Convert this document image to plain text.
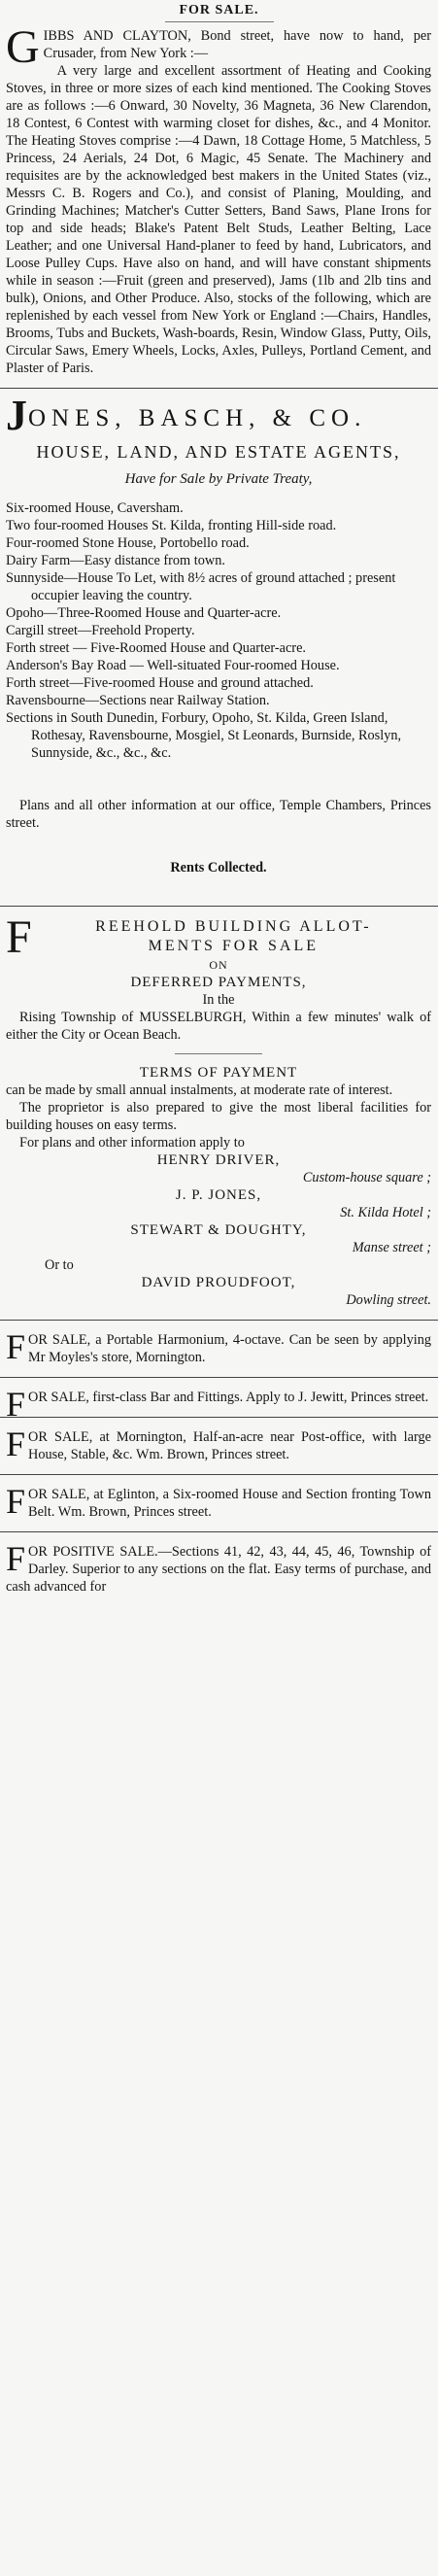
FOR SALE.
G IBBS AND CLAYTON, Bond street, have now to hand, per Crusader, from New York :—

A very large and excellent assortment of Heating and Cooking Stoves, in three or more sizes of each kind mentioned. The Cooking Stoves are as follows :—6 Onward, 30 Novelty, 36 Magneta, 36 New Clarendon, 18 Contest, 6 Contest with warming closet for dishes, &c., and 4 Monitor. The Heating Stoves comprise :—4 Dawn, 18 Cottage Home, 5 Matchless, 5 Princess, 24 Aerials, 24 Dot, 6 Magic, 45 Senate. The Machinery and requisites are by the acknowledged best makers in the United States (viz., Messrs C. B. Rogers and Co.), and consist of Planing, Moulding, and Grinding Machines; Matcher's Cutter Setters, Band Saws, Plane Irons for top and side heads; Blake's Patent Belt Studs, Leather Belting, Lace Leather; and one Universal Hand-planer to feed by hand, Lubricators, and Loose Pulley Cups. Have also on hand, and will have constant shipments while in season :—Fruit (green and preserved), Jams (1lb and 2lb tins and bulk), Onions, and Other Produce. Also, stocks of the following, which are replenished by each vessel from New York or England :—Chairs, Handles, Brooms, Tubs and Buckets, Wash-boards, Resin, Window Glass, Putty, Oils, Circular Saws, Emery Wheels, Locks, Axles, Pulleys, Portland Cement, and Plaster of Paris.

JONES, BASCH, & CO.
HOUSE, LAND, AND ESTATE AGENTS,
Have for Sale by Private Treaty,

Six-roomed House, Caversham.

Two four-roomed Houses St. Kilda, fronting Hill-side road.

Four-roomed Stone House, Portobello road.

Dairy Farm—Easy distance from town.

Sunnyside—House To Let, with 8½ acres of ground attached ; present occupier leaving the country.

Opoho—Three-Roomed House and Quarter-acre.

Cargill street—Freehold Property.

Forth street — Five-Roomed House and Quarter-acre.

Anderson's Bay Road — Well-situated Four-roomed House.

Forth street—Five-roomed House and ground attached.

Ravensbourne—Sections near Railway Station.

Sections in South Dunedin, Forbury, Opoho, St. Kilda, Green Island, Rothesay, Ravensbourne, Mosgiel, St Leonards, Burnside, Roslyn, Sunnyside, &c., &c., &c.

Plans and all other information at our office, Temple Chambers, Princes street.

Rents Collected.
F	REEHOLD BUILDING ALLOT-
MENTS FOR SALE
ON
DEFERRED PAYMENTS,
In the

Rising Township of MUSSELBURGH, Within a few minutes' walk of either the City or Ocean Beach.

TERMS OF PAYMENT

can be made by small annual instalments, at moderate rate of interest.

The proprietor is also prepared to give the most liberal facilities for building houses on easy terms.

For plans and other information apply to

HENRY DRIVER,
Custom-house square ;
J. P. JONES,
St. Kilda Hotel ;
STEWART & DOUGHTY,
Manse street ;
Or to
DAVID PROUDFOOT,
Dowling street.
F OR SALE, a Portable Harmonium, 4-octave. Can be seen by applying Mr Moyles's store, Mornington.

F OR SALE, first-class Bar and Fittings. Apply to J. Jewitt, Princes street.

F OR SALE, at Mornington, Half-an-acre near Post-office, with large House, Stable, &c. Wm. Brown, Princes street.

F OR SALE, at Eglinton, a Six-roomed House and Section fronting Town Belt. Wm. Brown, Princes street.

F OR POSITIVE SALE.—Sections 41, 42, 43, 44, 45, 46, Township of Darley. Superior to any sections on the flat. Easy terms of purchase, and cash advanced for
